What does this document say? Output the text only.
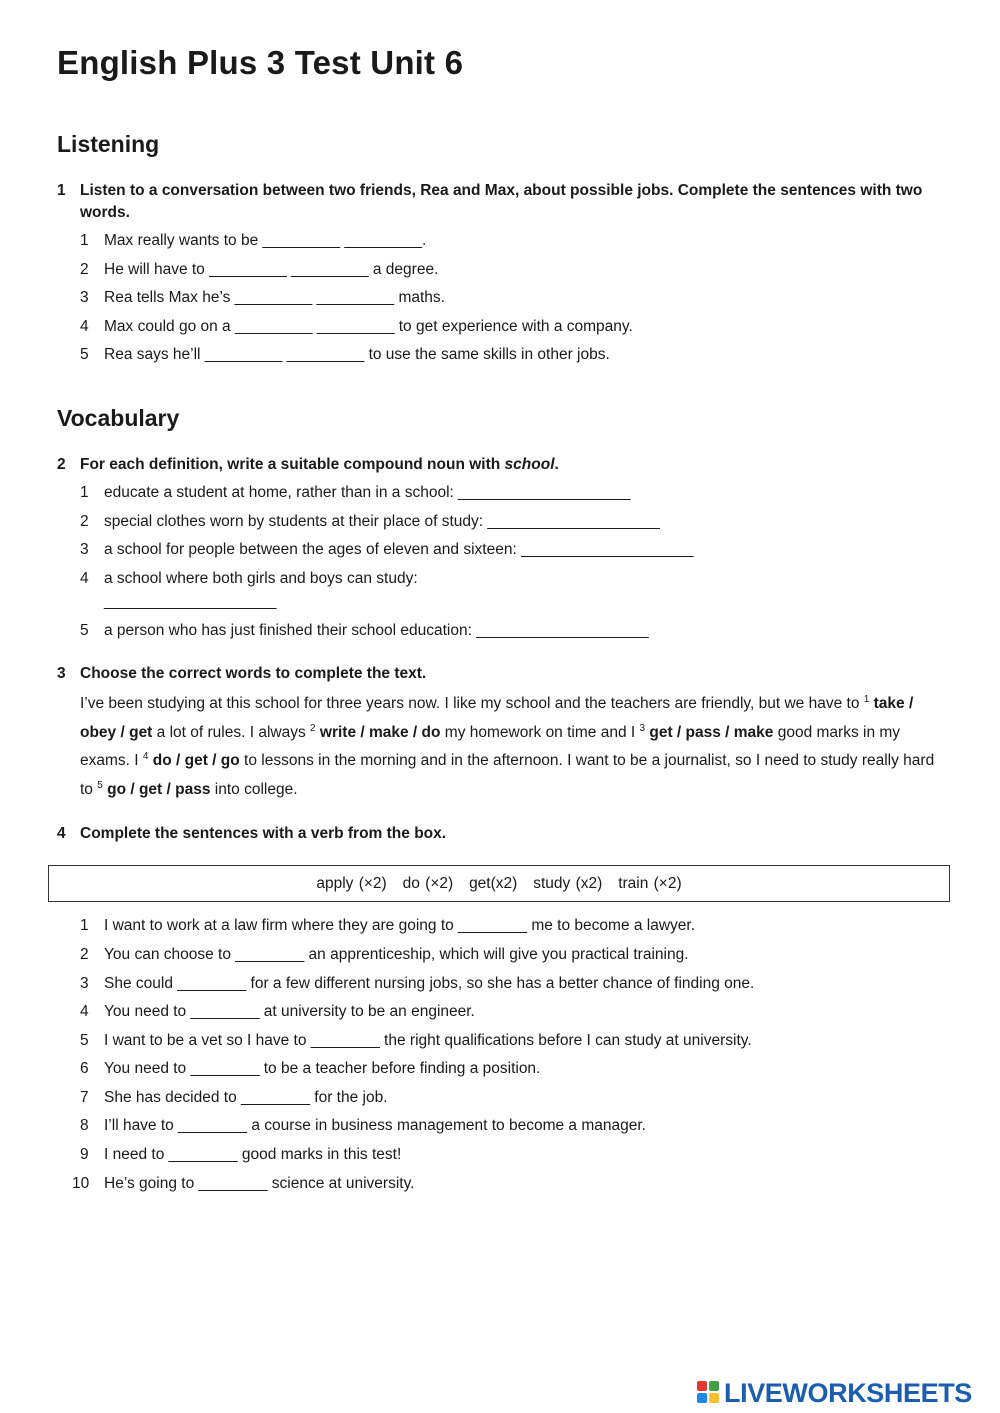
English Plus 3 Test Unit 6
Listening
1 Listen to a conversation between two friends, Rea and Max, about possible jobs. Complete the sentences with two words.
1 Max really wants to be _________ _________.
2 He will have to _________ _________ a degree.
3 Rea tells Max he’s _________ _________ maths.
4 Max could go on a _________ _________ to get experience with a company.
5 Rea says he’ll _________ _________ to use the same skills in other jobs.
Vocabulary
2 For each definition, write a suitable compound noun with school.
1 educate a student at home, rather than in a school: ____________________
2 special clothes worn by students at their place of study: ____________________
3 a school for people between the ages of eleven and sixteen: ____________________
4 a school where both girls and boys can study: ____________________
5 a person who has just finished their school education: ____________________
3 Choose the correct words to complete the text.
I’ve been studying at this school for three years now. I like my school and the teachers are friendly, but we have to $^1$ take / obey / get a lot of rules. I always $^2$ write / make / do my homework on time and I $^3$ get / pass / make good marks in my exams. I $^4$ do / get / go to lessons in the morning and in the afternoon. I want to be a journalist, so I need to study really hard to $^5$ go / get / pass into college.
4 Complete the sentences with a verb from the box.
apply (×2)   do (×2)   get(x2)   study (x2)   train (×2)
1 I want to work at a law firm where they are going to ________ me to become a lawyer.
2 You can choose to ________ an apprenticeship, which will give you practical training.
3 She could ________ for a few different nursing jobs, so she has a better chance of finding one.
4 You need to ________ at university to be an engineer.
5 I want to be a vet so I have to ________ the right qualifications before I can study at university.
6 You need to ________ to be a teacher before finding a position.
7 She has decided to ________ for the job.
8 I’ll have to ________ a course in business management to become a manager.
9 I need to ________ good marks in this test!
10 He’s going to ________ science at university.
LIVEWORKSHEETS
